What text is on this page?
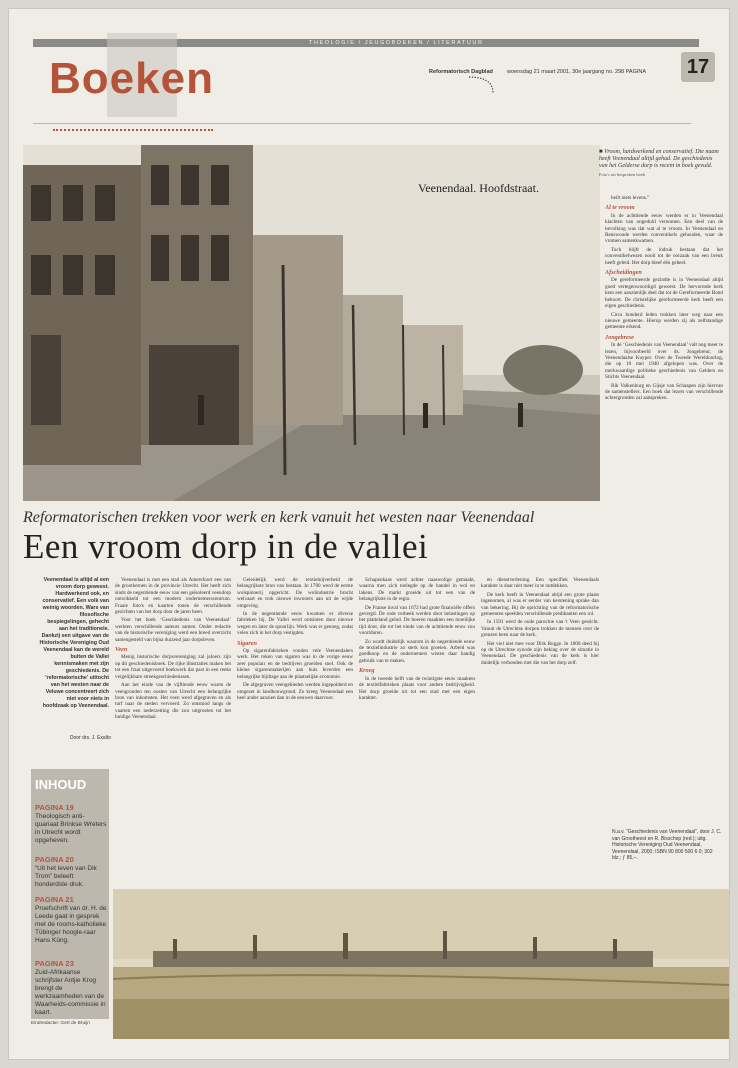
THEOLOGIE / JEUGDBOEKEN / LITERATUUR
Boeken	Reformatorisch Dagblad	woensdag 21 maart 2001, 30e jaargang no. 298 PAGINA 17
Veenendaal. Hoofdstraat.
■ Vroom, hardwerkend en conservatief. Die naam heeft Veenendaal altijd gehad. De geschiedenis van het Gelderse dorp is recent in boek gevuld.
Foto's uit besproken boek
Reformatorischen trekken voor werk en kerk vanuit het westen naar Veenendaal
Een vroom dorp in de vallei
Veenendaal is altijd al een vroom dorp geweest. Hardwerkend ook, en conservatief. Een volk van weinig woorden. Wars van filosofische bespiegelingen, gehecht aan het traditionele. Dankzij een uitgave van de Historische Vereniging Oud Veenendaal kan de wereld buiten de Vallei kennismaken met zijn geschiedenis. De 'reformatorische' uittocht van het westen naar de Veluwe concentreert zich niet voor niets in hoofdzaak op Veenendaal.
Door drs. J. Exalto

Veenendaal is met een stad als Amersfoort een van de grootkernen in de provincie Utrecht. Het heeft zich sinds de negentiende eeuw van een geïsoleerd veendorp ontwikkeld tot een modern ondernemerscentrum. Fraaie foto's en kaarten tonen de verschillende gezichten van het dorp door de jaren heen.

Voor het boek ‘Geschiedenis van Veenendaal’ werkten verschillende auteurs samen. Onder redactie van de historische vereniging werd een breed overzicht samengesteld van bijna duizend jaar dorpsleven.

Veen

Menig historische dorpsvereniging zal jaloers zijn op dit geschiedenisboek. De rijke illustraties maken het tot een fraai uitgevoerd boekwerk dat past in een reeks vergelijkbare streekgeschiedenissen.

Aan het einde van de vijftiende eeuw waren de veengronden ten oosten van Utrecht een belangrijke bron van inkomsten. Het veen werd afgegraven en als turf naar de steden vervoerd. Zo ontstond langs de vaarten een nederzetting die zou uitgroeien tot het huidige Veenendaal.

Geleidelijk werd de textielnijverheid de belangrijkste bron van bestaan. In 1700 werd de eerste wolspinnerij opgericht. De wolindustrie bracht welvaart en trok nieuwe inwoners aan uit de wijde omgeving.

In de negentiende eeuw kwamen er diverse fabrieken bij. De Vallei werd ontsloten door nieuwe wegen en later de spoorlijn. Werk was er genoeg, zodat velen zich in het dorp vestigden.

Sigaren

Op sigarenfabrieken vonden vele Veenendalers werk. Het roken van sigaren was in de vorige eeuw zeer populair en de bedrijven groeiden snel. Ook de kleine sigarenmakerijen aan huis leverden een belangrijke bijdrage aan de plaatselijke economie.

De afgegraven veengebieden werden ingepolderd en omgezet in landbouwgrond. Zo kreeg Veenendaal een heel ander aanzien dan in de eeuwen daarvoor.

Schapenkaas werd achter naaswolige gemaakt, waarna men zich toelegde op de handel in wol en lakens. De markt groeide uit tot een van de belangrijkste in de regio.

De Franse inval van 1672 had grote financiële offers gevergd. De rode verbeek werden door belastingen op het platteland geïnd. De boeren maakten een moeilijke tijd door, die tot het einde van de achttiende eeuw zou voortduren.

Zo wordt duidelijk waarom in de negentiende eeuw de textielindustrie zo sterk kon groeien. Arbeid was goedkoop en de ondernemers wisten daar handig gebruik van te maken.

Kroeg

In de tweede helft van de twintigste eeuw maakten de textielfabrieken plaats voor andere bedrijvigheid. Het dorp groeide uit tot een stad met een eigen karakter.

en dienstverlening. Een specifiek Veenendaals karakter is daar niet meer in te ontdekken.

De kerk heeft in Veenendaal altijd een grote plaats ingenomen, al was er eerder van kerstening sprake dan van bekering. Bij de oprichting van de reformatorische gemeenten speelden verschillende predikanten een rol.

In 1591 werd de oude parochie van 't Veen gesticht. Vanuit de Utrechtse dorpen trokken de mensen over de grenzen heen naar de kerk.

Het viel niet mee voor Dirk Rogge. In 1800 deed hij op de Utrechtse synode zijn beklag over de situatie in Veenendaal. De geschiedenis van de kerk is hier duidelijk verbonden met die van het dorp zelf.

heilt niets levens.”

Al te vroom

In de achttiende eeuw werden er in Veenendaal klachten van ongeduld vernomen. Een deel van de bevolking was dat wat al te vroom. In Veenendaal en Renswoude werden conventikels gehouden, waar de vromen samenkwamen.

Toch blijft de indruk bestaan dat het conventikelwezen nooit tot de oorzaak van een breuk heeft geleid. Het dorp bleef één geheel.

Afscheidingen

De gereformeerde gezindte is in Veenendaal altijd goed vertegenwoordigd geweest. De hervormde kerk kent een aanzienlijk deel dat tot de Gereformeerde Bond behoort. De christelijke gereformeerde kerk heeft een eigen geschiedenis.

Circa honderd leden trokken later weg naar een nieuwe gemeente. Hierop werden zij als zelfstandige gemeente erkend.

Jongebrese

In de ‘Geschiedenis van Veenendaal’ valt nog meer te lezen, bijvoorbeeld over ds. Jongebreur, de Veenendaalse Kuyper. Over de Tweede Wereldoorlog, die op 10 mei 1940 afgelopen was. Over de merkwaardige politieke geschiedenis van Gelders en Stichts Veenendaal.

Rik Valkenburg en Gijsje van Schaapen zijn hiervan de samenstellers. Een boek dat lezers van verschillende achtergronden zal aanspreken.

N.a.v. “Geschiedenis van Veenendaal”, door J. C. van Grootheest en R. Bisschop (red.); uitg. Historische Vereniging Oud Veenendaal, Veenendaal, 2000; ISBN 90 800 500 6 0; 302 blz.; ƒ 85,–.
INHOUD
PAGINA 19
Theologisch anti-quariaat Brinkse Wreters in Utrecht wordt opgeheven.
PAGINA 20
“Uit het leven van Dik Trom” beleeft honderdste druk.
PAGINA 21
Proefschrift van dr. H. de Leede gaat in gesprek met de rooms-katholieke Tübinger hoogle-raar Hans Küng.
PAGINA 23
Zuid-Afrikaanse schrijfster Antjie Krog brengt de werkzaamheden van de Waarheids-commissie in kaart.
Eindredactie: Gert de Bruijn
